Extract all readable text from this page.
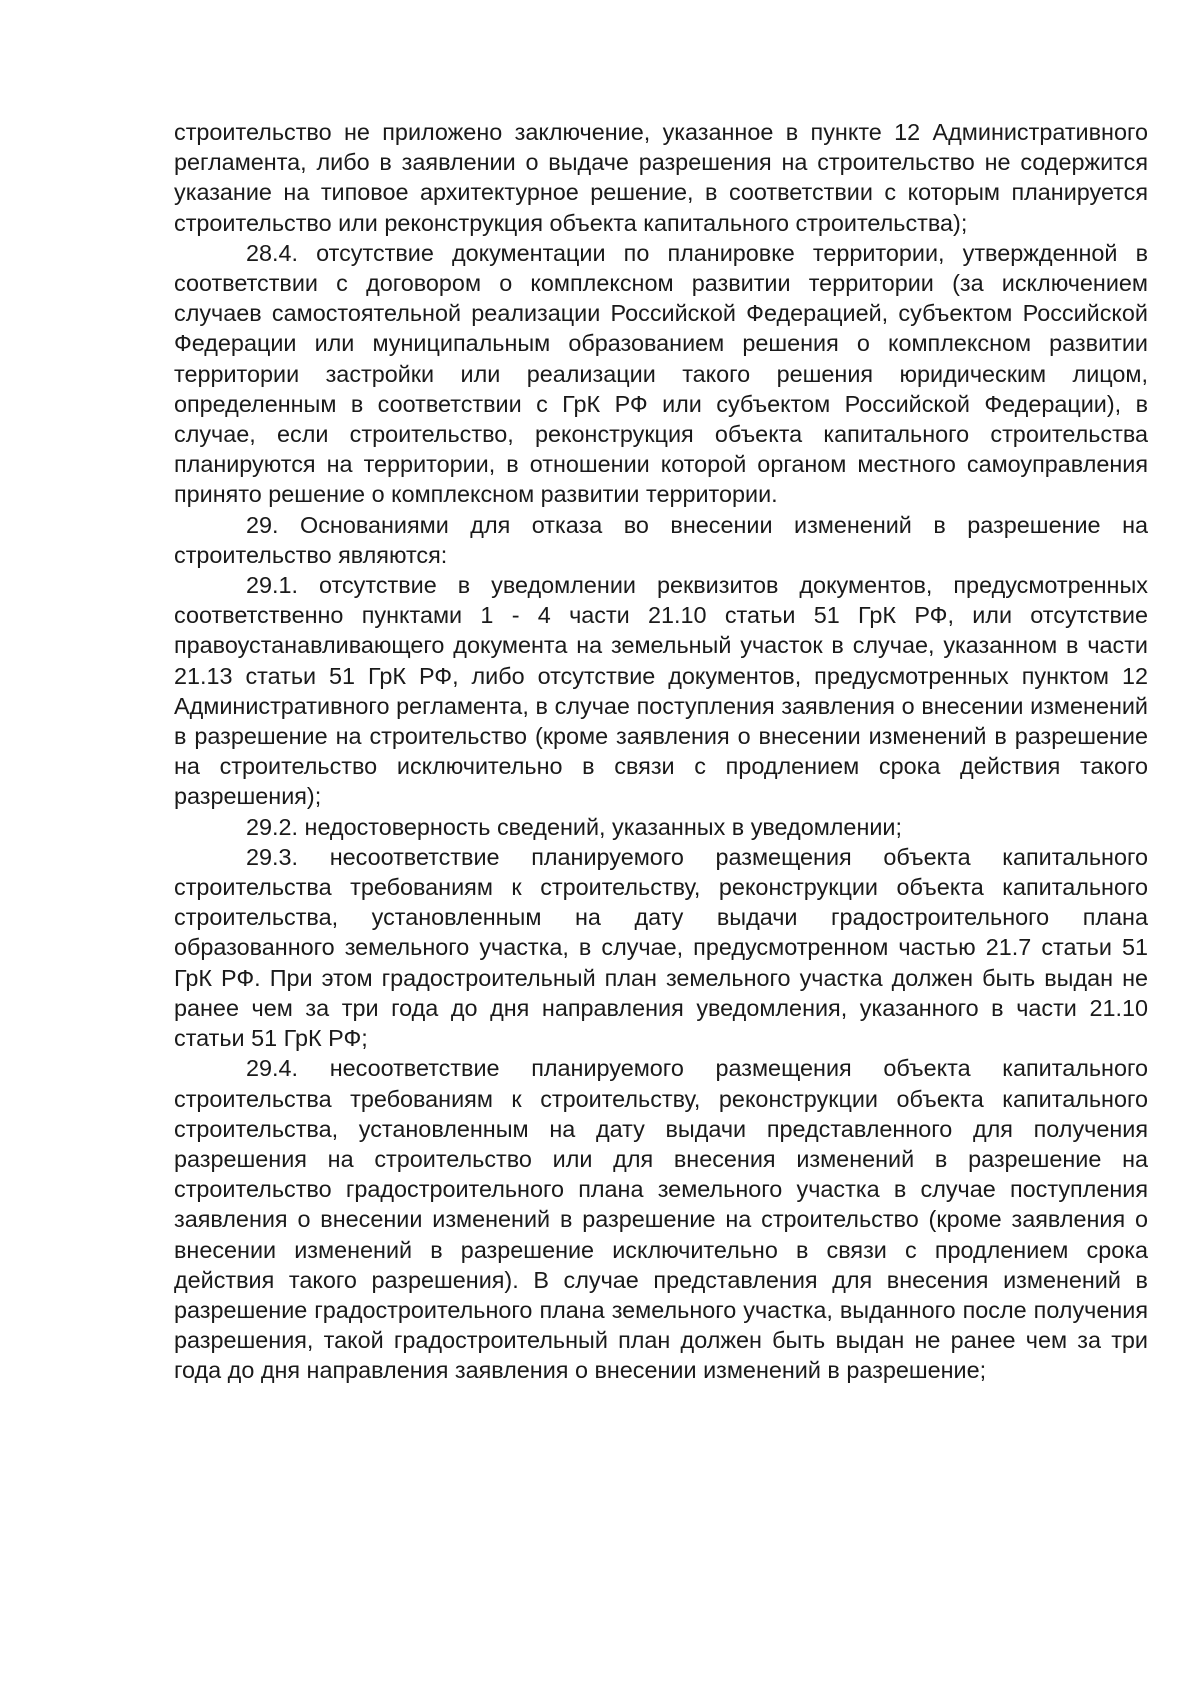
строительство не приложено заключение, указанное в пункте 12 Административного регламента, либо в заявлении о выдаче разрешения на строительство не содержится указание на типовое архитектурное решение, в соответствии с которым планируется строительство или реконструкция объекта капитального строительства);

28.4. отсутствие документации по планировке территории, утвержденной в соответствии с договором о комплексном развитии территории (за исключением случаев самостоятельной реализации Российской Федерацией, субъектом Российской Федерации или муниципальным образованием решения о комплексном развитии территории застройки или реализации такого решения юридическим лицом, определенным в соответствии с ГрК РФ или субъектом Российской Федерации), в случае, если строительство, реконструкция объекта капитального строительства планируются на территории, в отношении которой органом местного самоуправления принято решение о комплексном развитии территории.

29. Основаниями для отказа во внесении изменений в разрешение на строительство являются:

29.1. отсутствие в уведомлении реквизитов документов, предусмотренных соответственно пунктами 1 - 4 части 21.10 статьи 51 ГрК РФ, или отсутствие правоустанавливающего документа на земельный участок в случае, указанном в части 21.13 статьи 51 ГрК РФ, либо отсутствие документов, предусмотренных пунктом 12 Административного регламента, в случае поступления заявления о внесении изменений в разрешение на строительство (кроме заявления о внесении изменений в разрешение на строительство исключительно в связи с продлением срока действия такого разрешения);

29.2. недостоверность сведений, указанных в уведомлении;

29.3. несоответствие планируемого размещения объекта капитального строительства требованиям к строительству, реконструкции объекта капитального строительства, установленным на дату выдачи градостроительного плана образованного земельного участка, в случае, предусмотренном частью 21.7 статьи 51 ГрК РФ. При этом градостроительный план земельного участка должен быть выдан не ранее чем за три года до дня направления уведомления, указанного в части 21.10 статьи 51 ГрК РФ;

29.4. несоответствие планируемого размещения объекта капитального строительства требованиям к строительству, реконструкции объекта капитального строительства, установленным на дату выдачи представленного для получения разрешения на строительство или для внесения изменений в разрешение на строительство градостроительного плана земельного участка в случае поступления заявления о внесении изменений в разрешение на строительство (кроме заявления о внесении изменений в разрешение исключительно в связи с продлением срока действия такого разрешения). В случае представления для внесения изменений в разрешение градостроительного плана земельного участка, выданного после получения разрешения, такой градостроительный план должен быть выдан не ранее чем за три года до дня направления заявления о внесении изменений в разрешение;
